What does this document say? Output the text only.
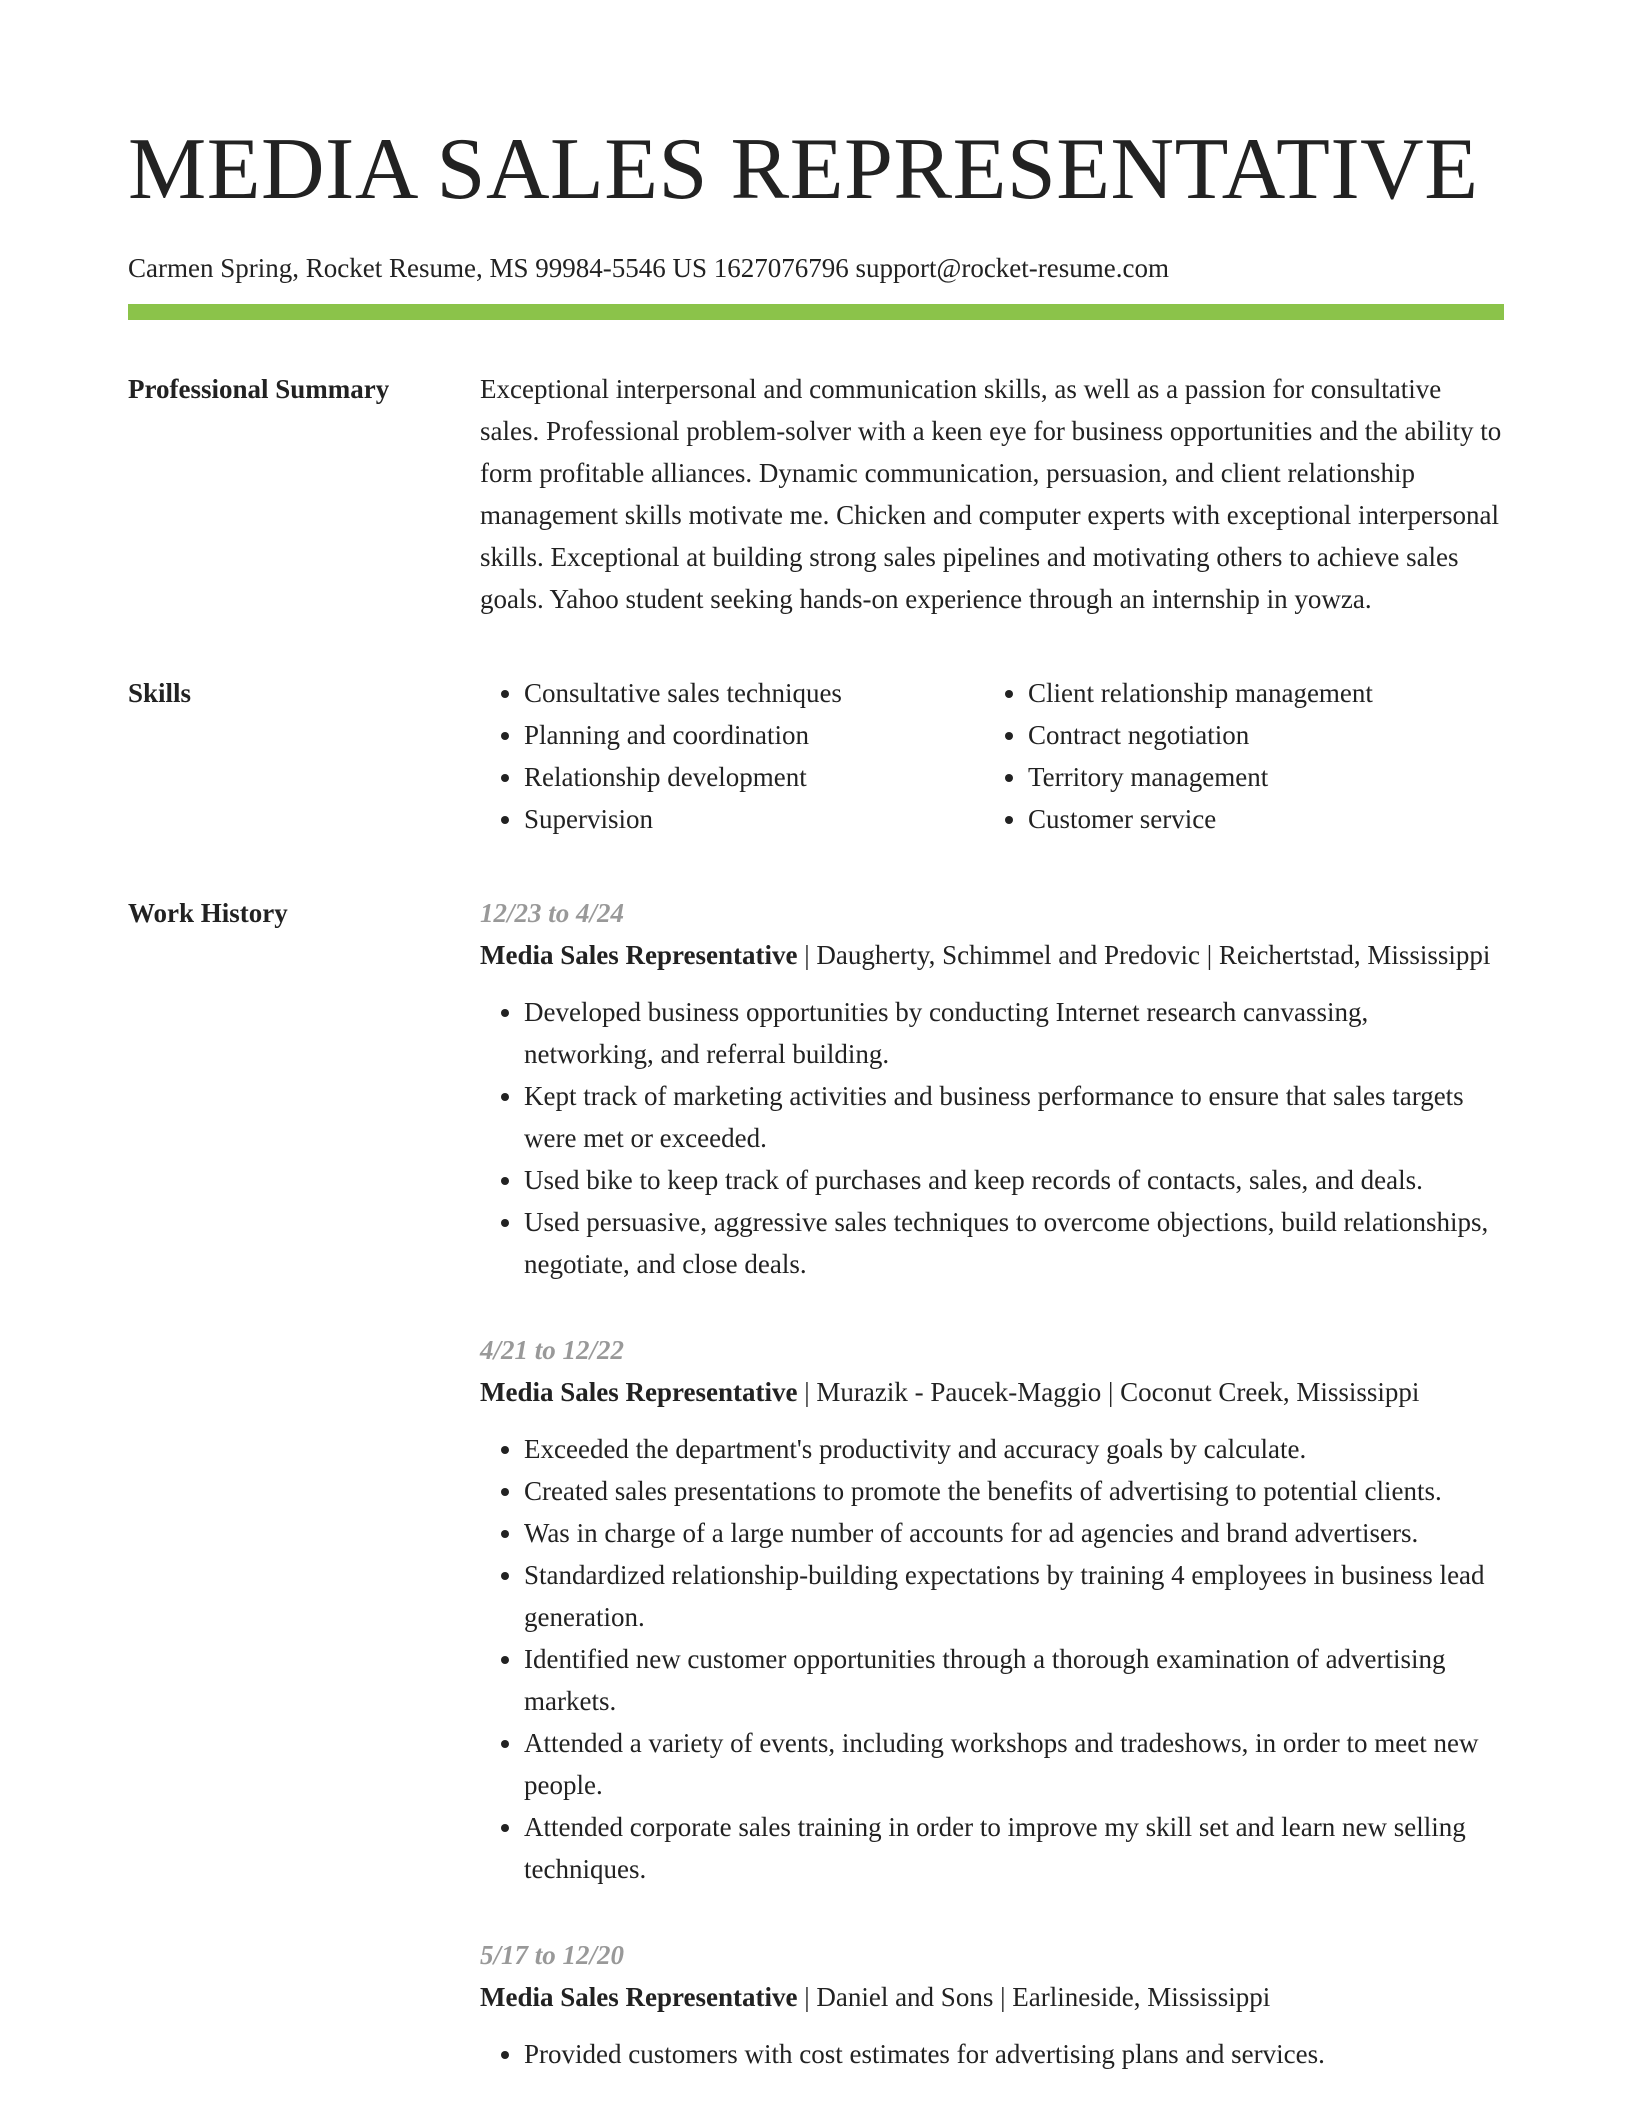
MEDIA SALES REPRESENTATIVE
Carmen Spring, Rocket Resume, MS 99984-5546 US 1627076796 support@rocket-resume.com
Professional Summary	Exceptional interpersonal and communication skills, as well as a passion for consultative sales. Professional problem-solver with a keen eye for business opportunities and the ability to form profitable alliances. Dynamic communication, persuasion, and client relationship management skills motivate me. Chicken and computer experts with exceptional interpersonal skills. Exceptional at building strong sales pipelines and motivating others to achieve sales goals. Yahoo student seeking hands-on experience through an internship in yowza.

Skills
•	Consultative sales techniques
• Planning and coordination
• Relationship development
• Supervision
• Client relationship management
• Contract negotiation
• Territory management
• Customer service
Work History	12/23 to 4/24

Media Sales Representative | Daugherty, Schimmel and Predovic | Reichertstad, Mississippi

• Developed business opportunities by conducting Internet research canvassing, networking, and referral building.
• Kept track of marketing activities and business performance to ensure that sales targets were met or exceeded.
• Used bike to keep track of purchases and keep records of contacts, sales, and deals.
• Used persuasive, aggressive sales techniques to overcome objections, build relationships, negotiate, and close deals.
4/21 to 12/22

Media Sales Representative | Murazik - Paucek-Maggio | Coconut Creek, Mississippi

• Exceeded the department's productivity and accuracy goals by calculate.
• Created sales presentations to promote the benefits of advertising to potential clients.
• Was in charge of a large number of accounts for ad agencies and brand advertisers.
• Standardized relationship-building expectations by training 4 employees in business lead generation.
• Identified new customer opportunities through a thorough examination of advertising markets.
• Attended a variety of events, including workshops and tradeshows, in order to meet new people.
• Attended corporate sales training in order to improve my skill set and learn new selling techniques.
5/17 to 12/20

Media Sales Representative | Daniel and Sons | Earlineside, Mississippi

• Provided customers with cost estimates for advertising plans and services.
